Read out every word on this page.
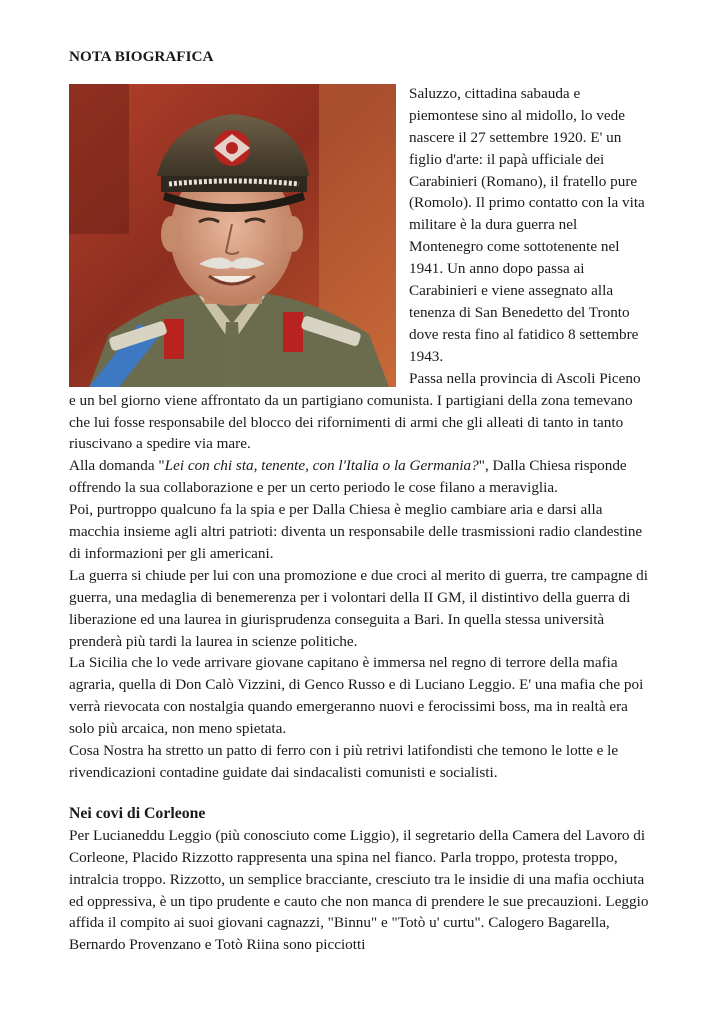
NOTA BIOGRAFICA

Saluzzo, cittadina sabauda e piemontese sino al midollo, lo vede nascere il 27 settembre 1920. E' un figlio d'arte: il papà ufficiale dei Carabinieri (Romano), il fratello pure (Romolo). Il primo contatto con la vita militare è la dura guerra nel Montenegro come sottotenente nel 1941. Un anno dopo passa ai Carabinieri e viene assegnato alla tenenza di San Benedetto del Tronto dove resta fino al fatidico 8 settembre 1943.

Passa nella provincia di Ascoli Piceno e un bel giorno viene affrontato da un partigiano comunista. I partigiani della zona temevano che lui fosse responsabile del blocco dei rifornimenti di armi che gli alleati di tanto in tanto riuscivano a spedire via mare.

Alla domanda "Lei con chi sta, tenente, con l'Italia o la Germania?", Dalla Chiesa risponde offrendo la sua collaborazione e per un certo periodo le cose filano a meraviglia.

Poi, purtroppo qualcuno fa la spia e per Dalla Chiesa è meglio cambiare aria e darsi alla macchia insieme agli altri patrioti: diventa un responsabile delle trasmissioni radio clandestine di informazioni per gli americani.

La guerra si chiude per lui con una promozione e due croci al merito di guerra, tre campagne di guerra, una medaglia di benemerenza per i volontari della II GM, il distintivo della guerra di liberazione ed una laurea in giurisprudenza conseguita a Bari. In quella stessa università prenderà più tardi la laurea in scienze politiche.

La Sicilia che lo vede arrivare giovane capitano è immersa nel regno di terrore della mafia agraria, quella di Don Calò Vizzini, di Genco Russo e di Luciano Leggio. E' una mafia che poi verrà rievocata con nostalgia quando emergeranno nuovi e ferocissimi boss, ma in realtà era solo più arcaica, non meno spietata.

Cosa Nostra ha stretto un patto di ferro con i più retrivi latifondisti che temono le lotte e le rivendicazioni contadine guidate dai sindacalisti comunisti e socialisti.

Nei covi di Corleone

Per Lucianeddu Leggio (più conosciuto come Liggio), il segretario della Camera del Lavoro di Corleone, Placido Rizzotto rappresenta una spina nel fianco. Parla troppo, protesta troppo, intralcia troppo. Rizzotto, un semplice bracciante, cresciuto tra le insidie di una mafia occhiuta ed oppressiva, è un tipo prudente e cauto che non manca di prendere le sue precauzioni. Leggio affida il compito ai suoi giovani cagnazzi, "Binnu" e "Totò u' curtu". Calogero Bagarella, Bernardo Provenzano e Totò Riina sono picciotti
